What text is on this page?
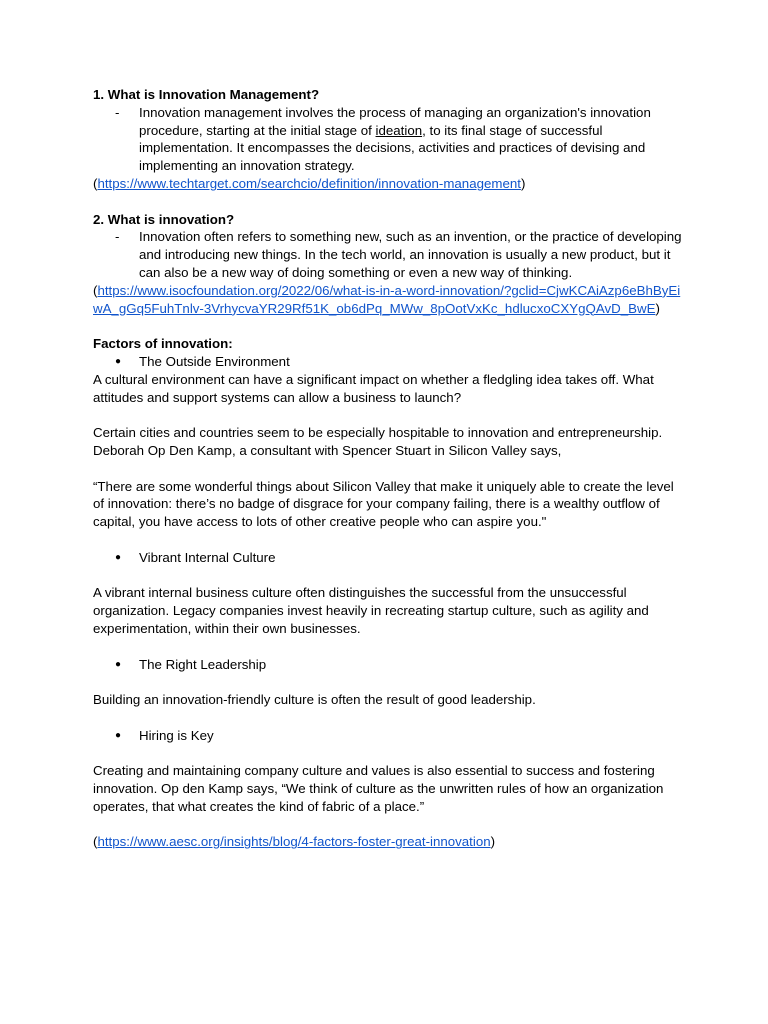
1. What is Innovation Management?

-	Innovation management involves the process of managing an organization's innovation procedure, starting at the initial stage of ideation, to its final stage of successful implementation. It encompasses the decisions, activities and practices of devising and implementing an innovation strategy.

(https://www.techtarget.com/searchcio/definition/innovation-management)

2. What is innovation?

-	Innovation often refers to something new, such as an invention, or the practice of developing and introducing new things. In the tech world, an innovation is usually a new product, but it can also be a new way of doing something or even a new way of thinking.

(https://www.isocfoundation.org/2022/06/what-is-in-a-word-innovation/?gclid=CjwKCAiAzp6eBhByEiwA_gGq5FuhTnlv-3VrhycvaYR29Rf51K_ob6dPq_MWw_8pOotVxKc_hdlucxoCXYgQAvD_BwE)

Factors of innovation:

●	The Outside Environment

A cultural environment can have a significant impact on whether a fledgling idea takes off. What attitudes and support systems can allow a business to launch?

Certain cities and countries seem to be especially hospitable to innovation and entrepreneurship. Deborah Op Den Kamp, a consultant with Spencer Stuart in Silicon Valley says,

“There are some wonderful things about Silicon Valley that make it uniquely able to create the level of innovation: there’s no badge of disgrace for your company failing, there is a wealthy outflow of capital, you have access to lots of other creative people who can aspire you."

●	Vibrant Internal Culture

A vibrant internal business culture often distinguishes the successful from the unsuccessful organization. Legacy companies invest heavily in recreating startup culture, such as agility and experimentation, within their own businesses.

●	The Right Leadership

Building an innovation-friendly culture is often the result of good leadership.

●	Hiring is Key

Creating and maintaining company culture and values is also essential to success and fostering innovation. Op den Kamp says, “We think of culture as the unwritten rules of how an organization operates, that what creates the kind of fabric of a place.”

(https://www.aesc.org/insights/blog/4-factors-foster-great-innovation)
